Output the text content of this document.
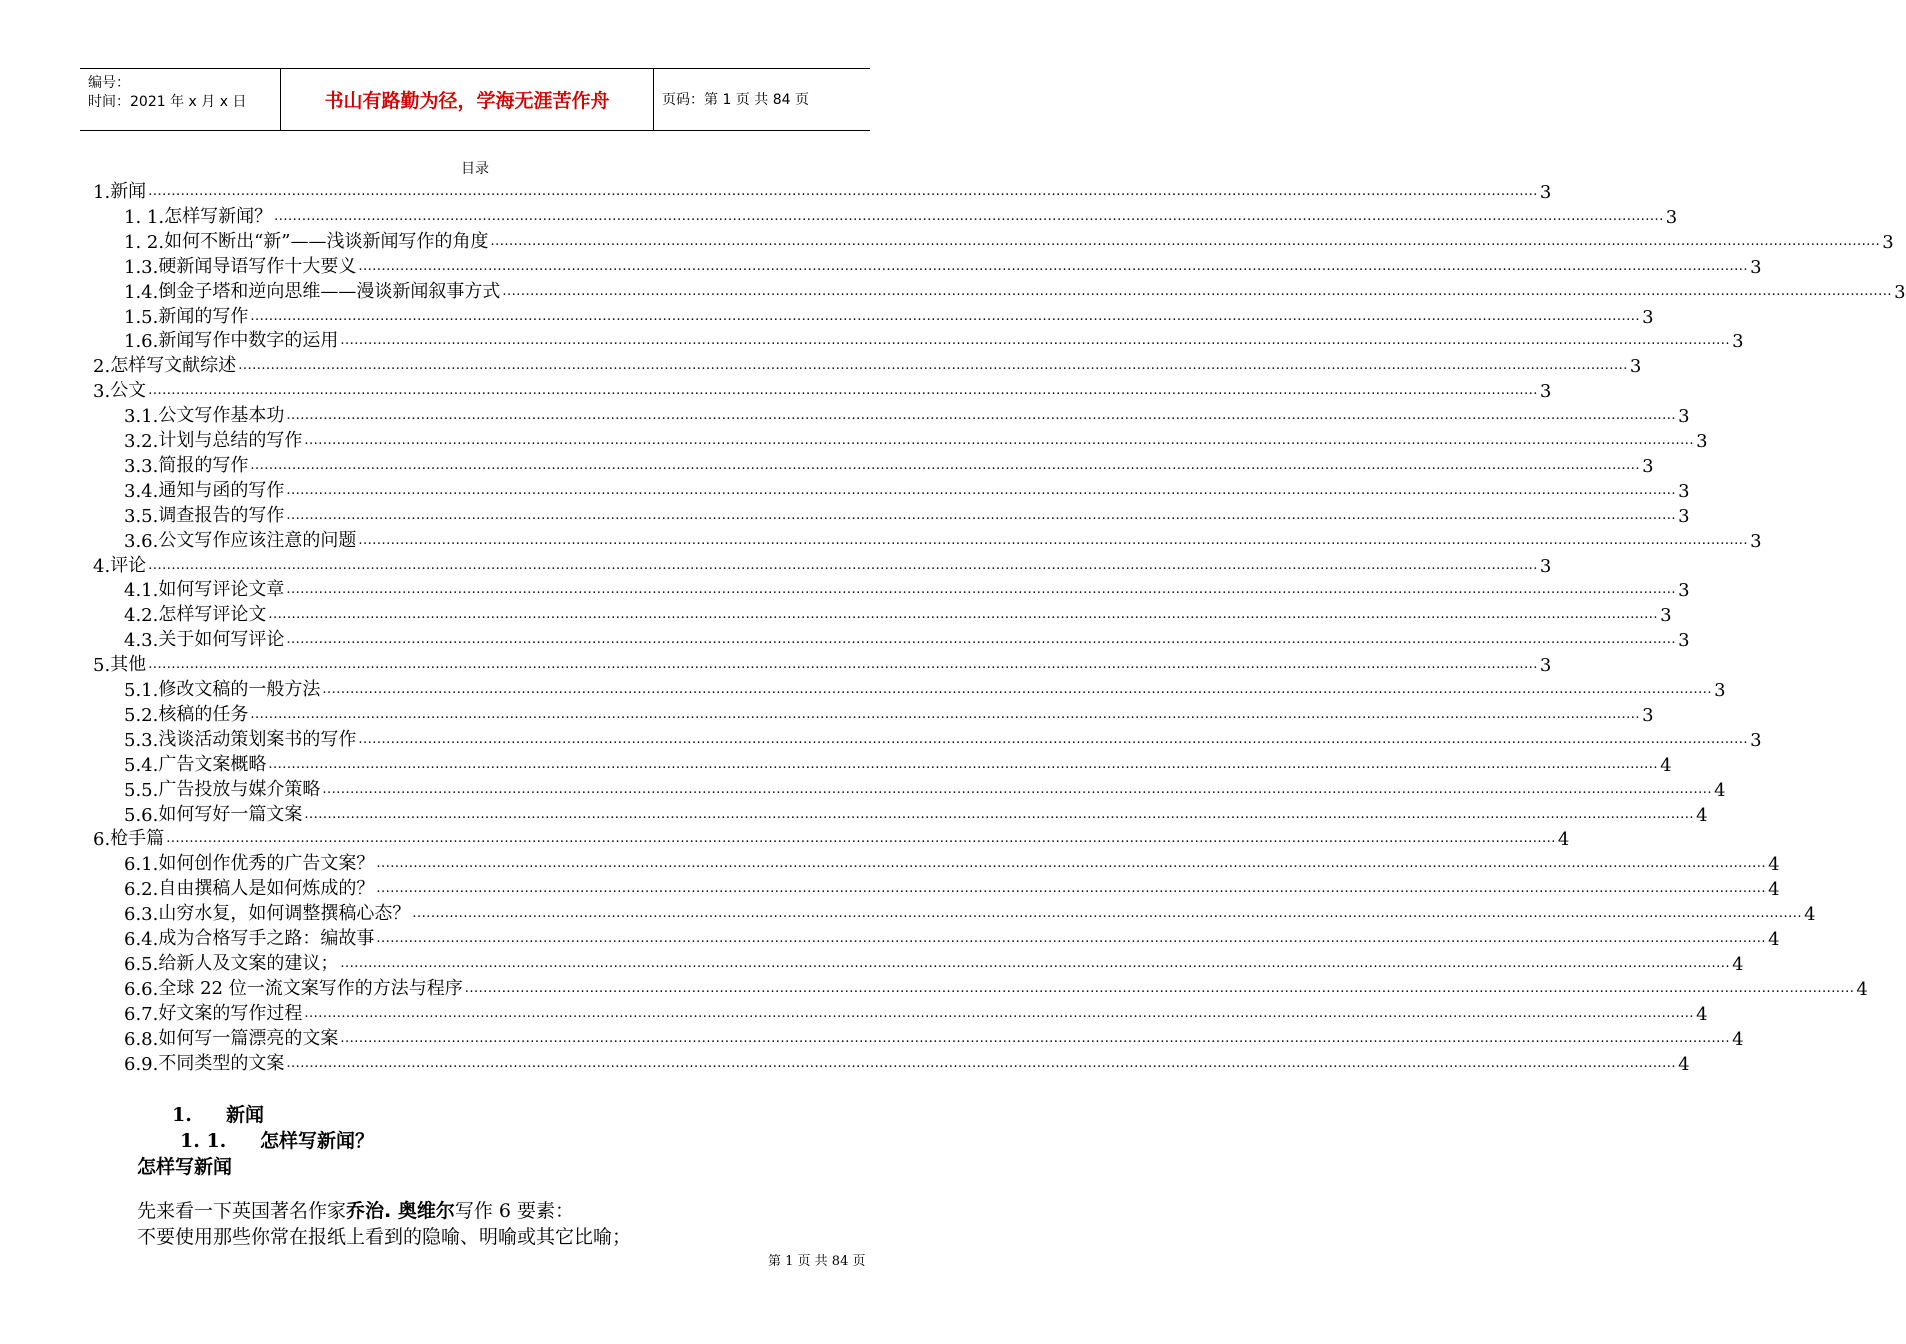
编号：
时间：2021 年 x 月 x 日	书山有路勤为径，学海无涯苦作舟	页码：第 1 页 共 84 页
目录
1. 新闻 ............................................................................................................................................................................................................................................................................................................ 3
1. 1. 怎样写新闻？ ............................................................................................................................................................................................................................................................................................................ 3
1. 2. 如何不断出“新”——浅谈新闻写作的角度 ............................................................................................................................................................................................................................................................................................................ 3
1.3. 硬新闻导语写作十大要义 ............................................................................................................................................................................................................................................................................................................ 3
1.4. 倒金子塔和逆向思维——漫谈新闻叙事方式 ............................................................................................................................................................................................................................................................................................................ 3
1.5. 新闻的写作 ............................................................................................................................................................................................................................................................................................................ 3
1.6. 新闻写作中数字的运用 ............................................................................................................................................................................................................................................................................................................ 3
2. 怎样写文献综述 ............................................................................................................................................................................................................................................................................................................ 3
3. 公文 ............................................................................................................................................................................................................................................................................................................ 3
3.1. 公文写作基本功 ............................................................................................................................................................................................................................................................................................................ 3
3.2. 计划与总结的写作 ............................................................................................................................................................................................................................................................................................................ 3
3.3. 简报的写作 ............................................................................................................................................................................................................................................................................................................ 3
3.4. 通知与函的写作 ............................................................................................................................................................................................................................................................................................................ 3
3.5. 调查报告的写作 ............................................................................................................................................................................................................................................................................................................ 3
3.6. 公文写作应该注意的问题 ............................................................................................................................................................................................................................................................................................................ 3
4. 评论 ............................................................................................................................................................................................................................................................................................................ 3
4.1. 如何写评论文章 ............................................................................................................................................................................................................................................................................................................ 3
4.2. 怎样写评论文 ............................................................................................................................................................................................................................................................................................................ 3
4.3. 关于如何写评论 ............................................................................................................................................................................................................................................................................................................ 3
5. 其他 ............................................................................................................................................................................................................................................................................................................ 3
5.1. 修改文稿的一般方法 ............................................................................................................................................................................................................................................................................................................ 3
5.2. 核稿的任务 ............................................................................................................................................................................................................................................................................................................ 3
5.3. 浅谈活动策划案书的写作 ............................................................................................................................................................................................................................................................................................................ 3
5.4. 广告文案概略 ............................................................................................................................................................................................................................................................................................................ 4
5.5. 广告投放与媒介策略 ............................................................................................................................................................................................................................................................................................................ 4
5.6. 如何写好一篇文案 ............................................................................................................................................................................................................................................................................................................ 4
6. 枪手篇 ............................................................................................................................................................................................................................................................................................................ 4
6.1. 如何创作优秀的广告文案？ ............................................................................................................................................................................................................................................................................................................ 4
6.2. 自由撰稿人是如何炼成的？ ............................................................................................................................................................................................................................................................................................................ 4
6.3. 山穷水复，如何调整撰稿心态？ ............................................................................................................................................................................................................................................................................................................ 4
6.4. 成为合格写手之路：编故事 ............................................................................................................................................................................................................................................................................................................ 4
6.5. 给新人及文案的建议； ............................................................................................................................................................................................................................................................................................................ 4
6.6. 全球 22 位一流文案写作的方法与程序 ............................................................................................................................................................................................................................................................................................................ 4
6.7. 好文案的写作过程 ............................................................................................................................................................................................................................................................................................................ 4
6.8. 如何写一篇漂亮的文案 ............................................................................................................................................................................................................................................................................................................ 4
6.9. 不同类型的文案 ............................................................................................................................................................................................................................................................................................................ 4
1. 新闻
1. 1. 怎样写新闻？
怎样写新闻
先来看一下英国著名作家乔治. 奥维尔写作 6 要素：
不要使用那些你常在报纸上看到的隐喻、明喻或其它比喻；
第 1 页 共 84 页
